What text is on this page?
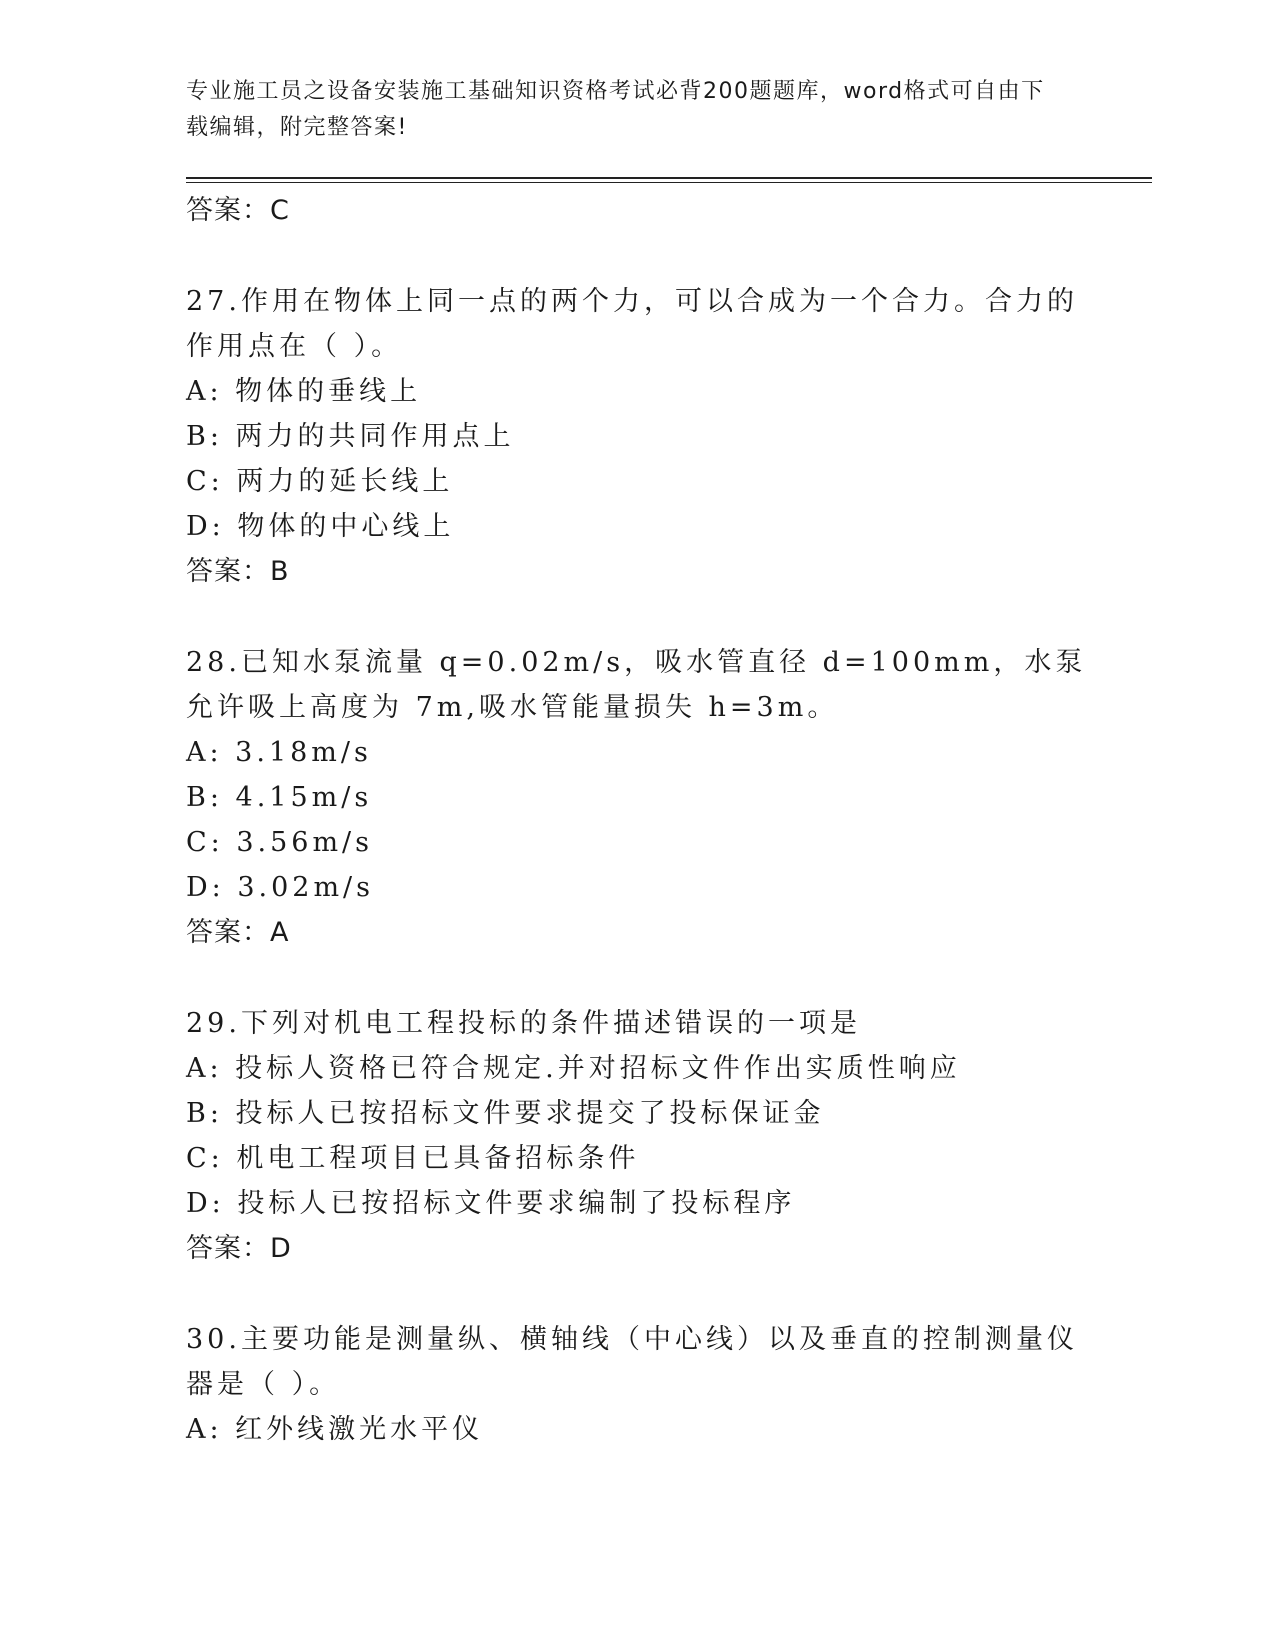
专业施工员之设备安装施工基础知识资格考试必背200题题库，word格式可自由下载编辑，附完整答案!
答案：C
27.作用在物体上同一点的两个力，可以合成为一个合力。合力的作用点在（ ）。
A: 物体的垂线上
B: 两力的共同作用点上
C: 两力的延长线上
D: 物体的中心线上
答案：B
28.已知水泵流量 q=0.02m/s，吸水管直径 d=100mm，水泵允许吸上高度为 7m,吸水管能量损失 h=3m。
A: 3.18m/s
B: 4.15m/s
C: 3.56m/s
D: 3.02m/s
答案：A
29.下列对机电工程投标的条件描述错误的一项是
A: 投标人资格已符合规定.并对招标文件作出实质性响应
B: 投标人已按招标文件要求提交了投标保证金
C: 机电工程项目已具备招标条件
D: 投标人已按招标文件要求编制了投标程序
答案：D
30.主要功能是测量纵、横轴线（中心线）以及垂直的控制测量仪器是（ ）。
A: 红外线激光水平仪
